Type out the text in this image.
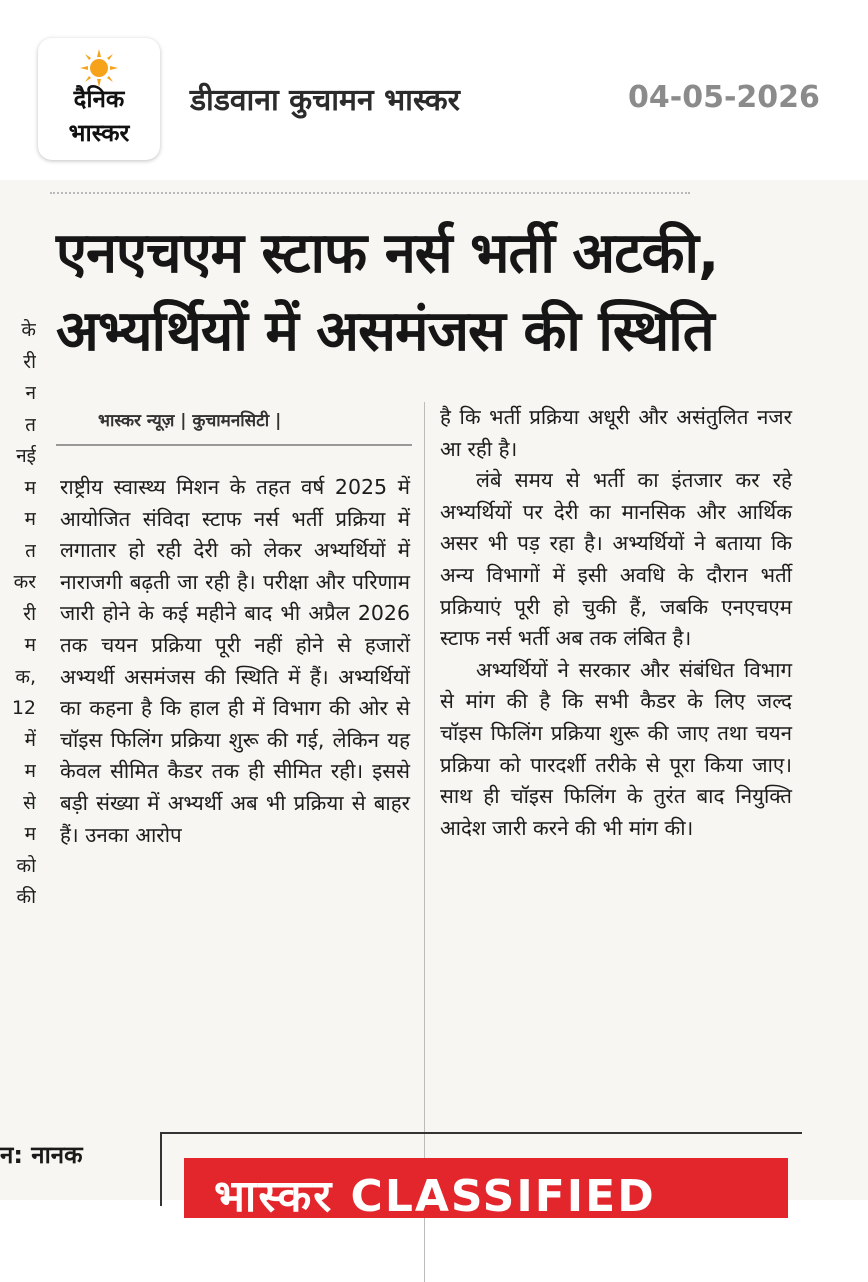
दैनिक
भास्कर
डीडवाना कुचामन भास्कर	04-05-2026
के
री
न
त
नई
म
म
त
कर
री
म
क,
12
में
म
से
म
को
की
एनएचएम स्टाफ नर्स भर्ती अटकी,
अभ्यर्थियों में असमंजस की स्थिति
भास्कर न्यूज़ | कुचामनसिटी |

राष्ट्रीय स्वास्थ्य मिशन के तहत वर्ष 2025 में आयोजित संविदा स्टाफ नर्स भर्ती प्रक्रिया में लगातार हो रही देरी को लेकर अभ्यर्थियों में नाराजगी बढ़ती जा रही है। परीक्षा और परिणाम जारी होने के कई महीने बाद भी अप्रैल 2026 तक चयन प्रक्रिया पूरी नहीं होने से हजारों अभ्यर्थी असमंजस की स्थिति में हैं। अभ्यर्थियों का कहना है कि हाल ही में विभाग की ओर से चॉइस फिलिंग प्रक्रिया शुरू की गई, लेकिन यह केवल सीमित कैडर तक ही सीमित रही। इससे बड़ी संख्या में अभ्यर्थी अब भी प्रक्रिया से बाहर हैं। उनका आरोप

है कि भर्ती प्रक्रिया अधूरी और असंतुलित नजर आ रही है।

लंबे समय से भर्ती का इंतजार कर रहे अभ्यर्थियों पर देरी का मानसिक और आर्थिक असर भी पड़ रहा है। अभ्यर्थियों ने बताया कि अन्य विभागों में इसी अवधि के दौरान भर्ती प्रक्रियाएं पूरी हो चुकी हैं, जबकि एनएचएम स्टाफ नर्स भर्ती अब तक लंबित है।

अभ्यर्थियों ने सरकार और संबंधित विभाग से मांग की है कि सभी कैडर के लिए जल्द चॉइस फिलिंग प्रक्रिया शुरू की जाए तथा चयन प्रक्रिया को पारदर्शी तरीके से पूरा किया जाए। साथ ही चॉइस फिलिंग के तुरंत बाद नियुक्ति आदेश जारी करने की भी मांग की।

न: नानक
भास्कर CLASSIFIED
